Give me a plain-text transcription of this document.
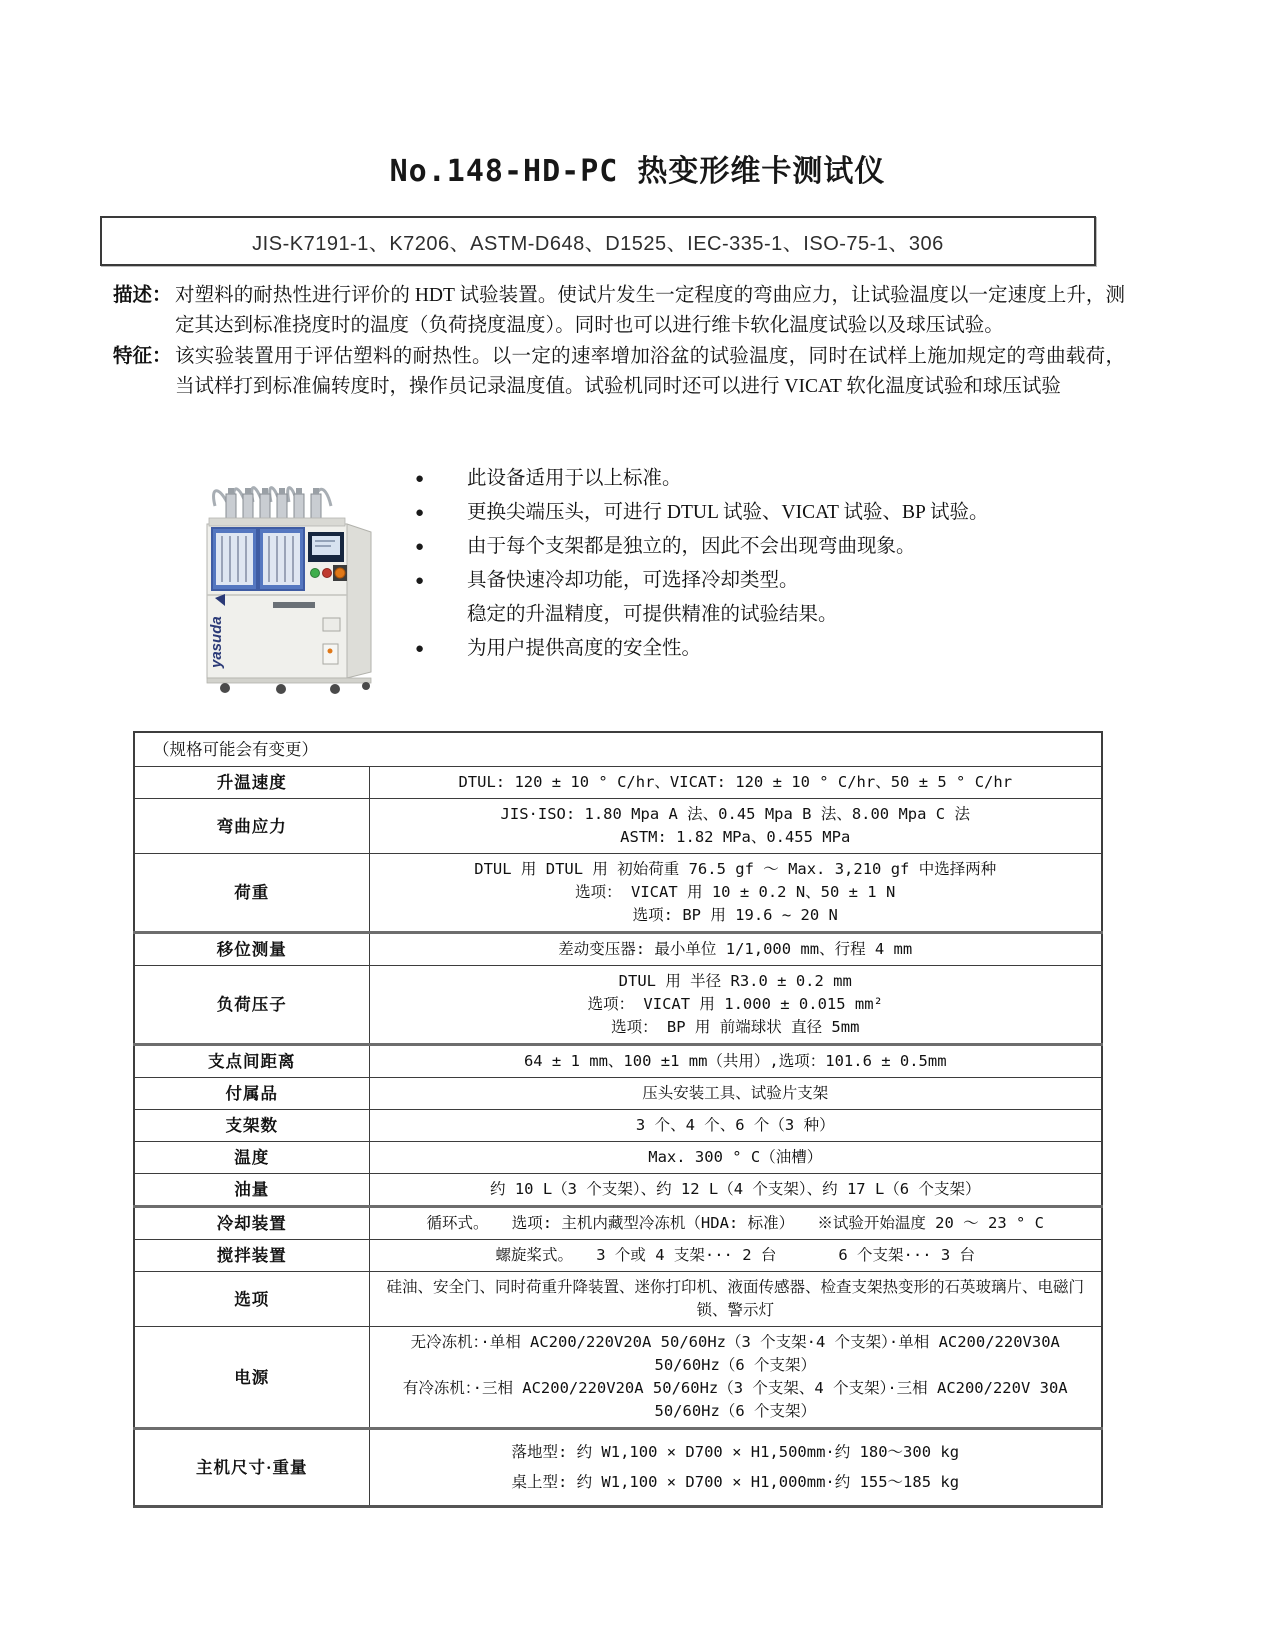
No.148-HD-PC 热变形维卡测试仪
JIS-K7191-1、K7206、ASTM-D648、D1525、IEC-335-1、ISO-75-1、306
描述： 对塑料的耐热性进行评价的 HDT 试验装置。使试片发生一定程度的弯曲应力，让试验温度以一定速度上升，测定其达到标准挠度时的温度（负荷挠度温度）。同时也可以进行维卡软化温度试验以及球压试验。
特征： 该实验装置用于评估塑料的耐热性。以一定的速率增加浴盆的试验温度，同时在试样上施加规定的弯曲载荷，当试样打到标准偏转度时，操作员记录温度值。试验机同时还可以进行 VICAT 软化温度试验和球压试验
yasuda
●	此设备适用于以上标准。
●	更换尖端压头，可进行 DTUL 试验、VICAT 试验、BP 试验。
●	由于每个支架都是独立的，因此不会出现弯曲现象。
●	具备快速冷却功能，可选择冷却类型。
稳定的升温精度，可提供精准的试验结果。
●	为用户提供高度的安全性。
（规格可能会有变更）	
升温速度	DTUL: 120 ± 10 ° C/hr、VICAT: 120 ± 10 ° C/hr、50 ± 5 ° C/hr

弯曲应力	JIS·ISO: 1.80 Mpa A 法、0.45 Mpa B 法、8.00 Mpa C 法
ASTM: 1.82 MPa、0.455 MPa

荷重	DTUL 用 DTUL 用 初始荷重 76.5 gf ～ Max. 3,210 gf 中选择两种
选项： VICAT 用 10 ± 0.2 N、50 ± 1 N
选项: BP 用 19.6 ~ 20 N

移位测量	差动变压器: 最小单位 1/1,000 mm、行程 4 mm

负荷压子	DTUL 用 半径 R3.0 ± 0.2 mm
选项： VICAT 用 1.000 ± 0.015 mm²
选项： BP 用 前端球状 直径 5mm

支点间距离	64 ± 1 mm、100 ±1 mm（共用）,选项：101.6 ± 0.5mm

付属品	压头安装工具、试验片支架

支架数	3 个、4 个、6 个（3 种）

温度	Max. 300 ° C（油槽）

油量	约 10 L（3 个支架）、约 12 L（4 个支架）、约 17 L（6 个支架）

冷却装置	循环式。　　选项: 主机内藏型冷冻机（HDA: 标准）　　※试验开始温度 20 ～ 23 ° C

搅拌装置	螺旋桨式。　　3 个或 4 支架··· 2 台　　　　6 个支架··· 3 台

选项	硅油、安全门、同时荷重升降装置、迷你打印机、液面传感器、检查支架热变形的石英玻璃片、电磁门锁、警示灯

电源	无冷冻机：·单相 AC200/220V20A 50/60Hz（3 个支架·4 个支架）·单相 AC200/220V30A 50/60Hz（6 个支架）
有冷冻机：·三相 AC200/220V20A 50/60Hz（3 个支架、4 个支架）·三相 AC200/220V 30A 50/60Hz（6 个支架）

主机尺寸·重量	落地型: 约 W1,100 × D700 × H1,500mm·约 180～300 kg
桌上型: 约 W1,100 × D700 × H1,000mm·约 155～185 kg
